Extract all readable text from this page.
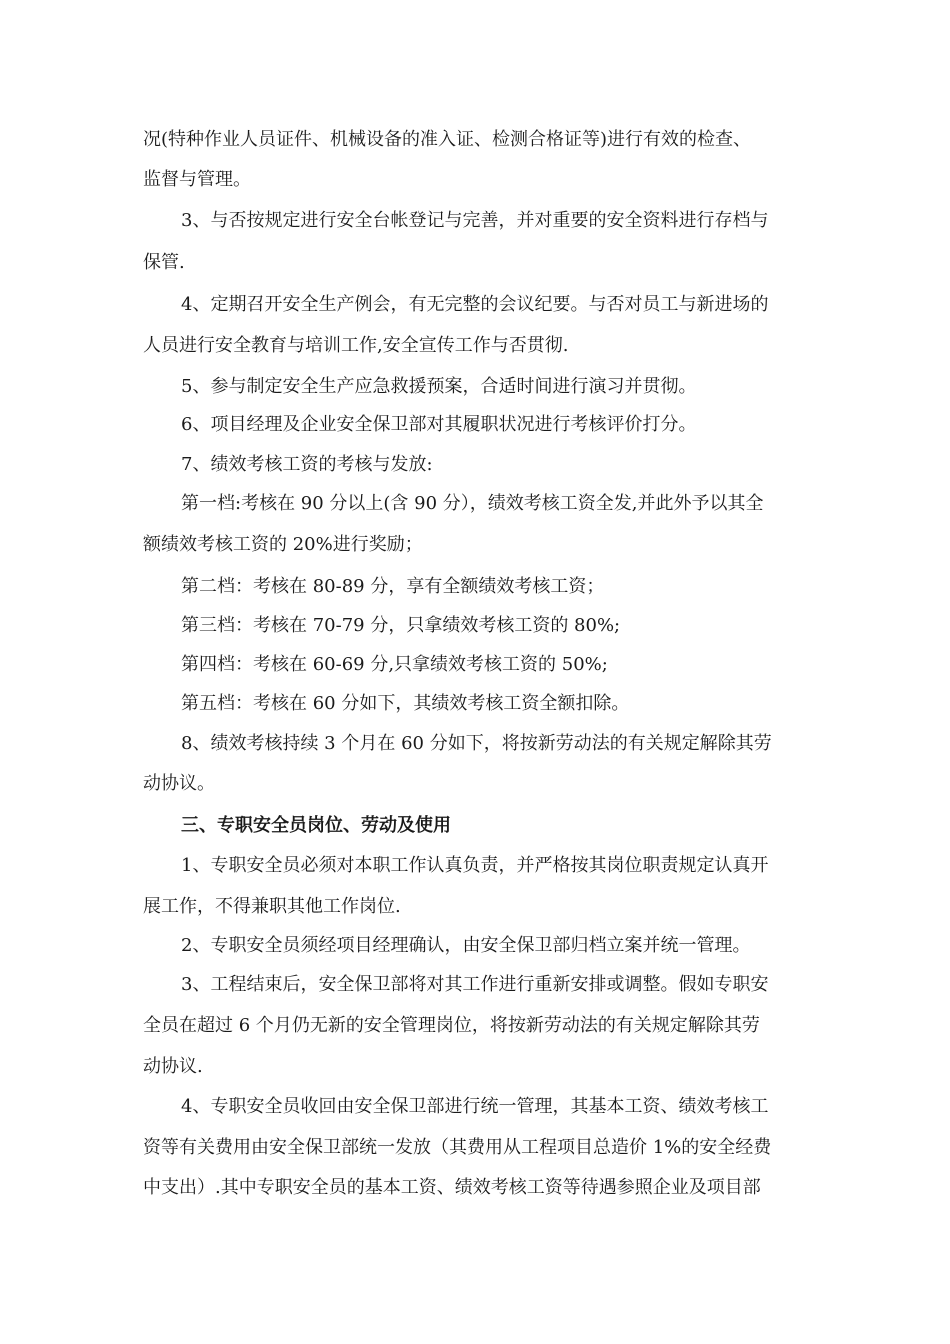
况(特种作业人员证件、机械设备的准入证、检测合格证等)进行有效的检查、
监督与管理。
3、与否按规定进行安全台帐登记与完善，并对重要的安全资料进行存档与
保管.
4、定期召开安全生产例会，有无完整的会议纪要。与否对员工与新进场的
人员进行安全教育与培训工作,安全宣传工作与否贯彻.
5、参与制定安全生产应急救援预案，合适时间进行演习并贯彻。
6、项目经理及企业安全保卫部对其履职状况进行考核评价打分。
7、绩效考核工资的考核与发放:
第一档:考核在 90 分以上(含 90 分），绩效考核工资全发,并此外予以其全
额绩效考核工资的 20%进行奖励；
第二档：考核在 80-89 分，享有全额绩效考核工资；
第三档：考核在 70-79 分，只拿绩效考核工资的 80%;
第四档：考核在 60-69 分,只拿绩效考核工资的 50%;
第五档：考核在 60 分如下，其绩效考核工资全额扣除。
8、绩效考核持续 3 个月在 60 分如下，将按新劳动法的有关规定解除其劳
动协议。
三、专职安全员岗位、劳动及使用
1、专职安全员必须对本职工作认真负责，并严格按其岗位职责规定认真开
展工作，不得兼职其他工作岗位.
2、专职安全员须经项目经理确认，由安全保卫部归档立案并统一管理。
3、工程结束后，安全保卫部将对其工作进行重新安排或调整。假如专职安
全员在超过 6 个月仍无新的安全管理岗位，将按新劳动法的有关规定解除其劳
动协议.
4、专职安全员收回由安全保卫部进行统一管理，其基本工资、绩效考核工
资等有关费用由安全保卫部统一发放（其费用从工程项目总造价 1%的安全经费
中支出）.其中专职安全员的基本工资、绩效考核工资等待遇参照企业及项目部
